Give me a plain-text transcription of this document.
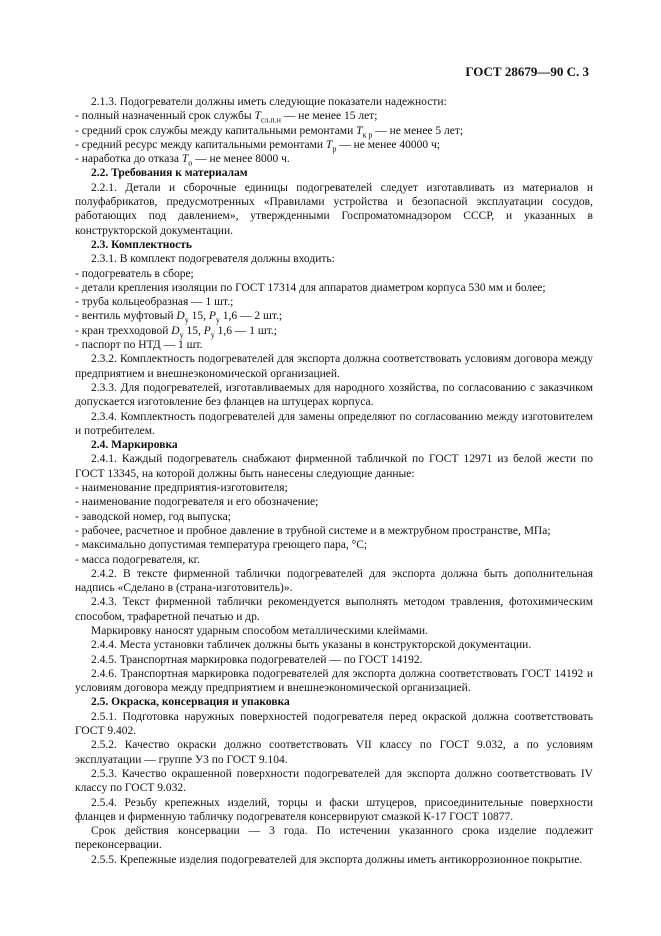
ГОСТ 28679—90 С. 3

2.1.3. Подогреватели должны иметь следующие показатели надежности:

- полный назначенный срок службы $T_{сл.п.н}$ — не менее 15 лет;

- средний срок службы между капитальными ремонтами $T_{к р}$ — не менее 5 лет;

- средний ресурс между капитальными ремонтами $T_р$ — не менее 40000 ч;

- наработка до отказа $T_о$ — не менее 8000 ч.

2.2. Требования к материалам

2.2.1. Детали и сборочные единицы подогревателей следует изготавливать из материалов и полуфабрикатов, предусмотренных «Правилами устройства и безопасной эксплуатации сосудов, работающих под давлением», утвержденными Госпроматомнадзором СССР, и указанных в конструкторской документации.

2.3. Комплектность

2.3.1. В комплект подогревателя должны входить:

- подогреватель в сборе;

- детали крепления изоляции по ГОСТ 17314 для аппаратов диаметром корпуса 530 мм и более;

- труба кольцеобразная — 1 шт.;

- вентиль муфтовый $D_y$ 15, $P_y$ 1,6 — 2 шт.;

- кран трехходовой $D_y$ 15, $P_y$ 1,6 — 1 шт.;

- паспорт по НТД — 1 шт.

2.3.2. Комплектность подогревателей для экспорта должна соответствовать условиям договора между предприятием и внешнеэкономической организацией.

2.3.3. Для подогревателей, изготавливаемых для народного хозяйства, по согласованию с заказчиком допускается изготовление без фланцев на штуцерах корпуса.

2.3.4. Комплектность подогревателей для замены определяют по согласованию между изготовителем и потребителем.

2.4. Маркировка

2.4.1. Каждый подогреватель снабжают фирменной табличкой по ГОСТ 12971 из белой жести по ГОСТ 13345, на которой должны быть нанесены следующие данные:

- наименование предприятия-изготовителя;

- наименование подогревателя и его обозначение;

- заводской номер, год выпуска;

- рабочее, расчетное и пробное давление в трубной системе и в межтрубном пространстве, МПа;

- максимально допустимая температура греющего пара, °С;

- масса подогревателя, кг.

2.4.2. В тексте фирменной таблички подогревателей для экспорта должна быть дополнительная надпись «Сделано в (страна-изготовитель)».

2.4.3. Текст фирменной таблички рекомендуется выполнять методом травления, фотохимическим способом, трафаретной печатью и др.

Маркировку наносят ударным способом металлическими клеймами.

2.4.4. Места установки табличек должны быть указаны в конструкторской документации.

2.4.5. Транспортная маркировка подогревателей — по ГОСТ 14192.

2.4.6. Транспортная маркировка подогревателей для экспорта должна соответствовать ГОСТ 14192 и условиям договора между предприятием и внешнеэкономической организацией.

2.5. Окраска, консервация и упаковка

2.5.1. Подготовка наружных поверхностей подогревателя перед окраской должна соответствовать ГОСТ 9.402.

2.5.2. Качество окраски должно соответствовать VII классу по ГОСТ 9.032, а по условиям эксплуатации — группе У3 по ГОСТ 9.104.

2.5.3. Качество окрашенной поверхности подогревателей для экспорта должно соответствовать IV классу по ГОСТ 9.032.

2.5.4. Резьбу крепежных изделий, торцы и фаски штуцеров, присоединительные поверхности фланцев и фирменную табличку подогревателя консервируют смазкой К-17 ГОСТ 10877.

Срок действия консервации — 3 года. По истечении указанного срока изделие подлежит переконсервации.

2.5.5. Крепежные изделия подогревателей для экспорта должны иметь антикоррозионное покрытие.
